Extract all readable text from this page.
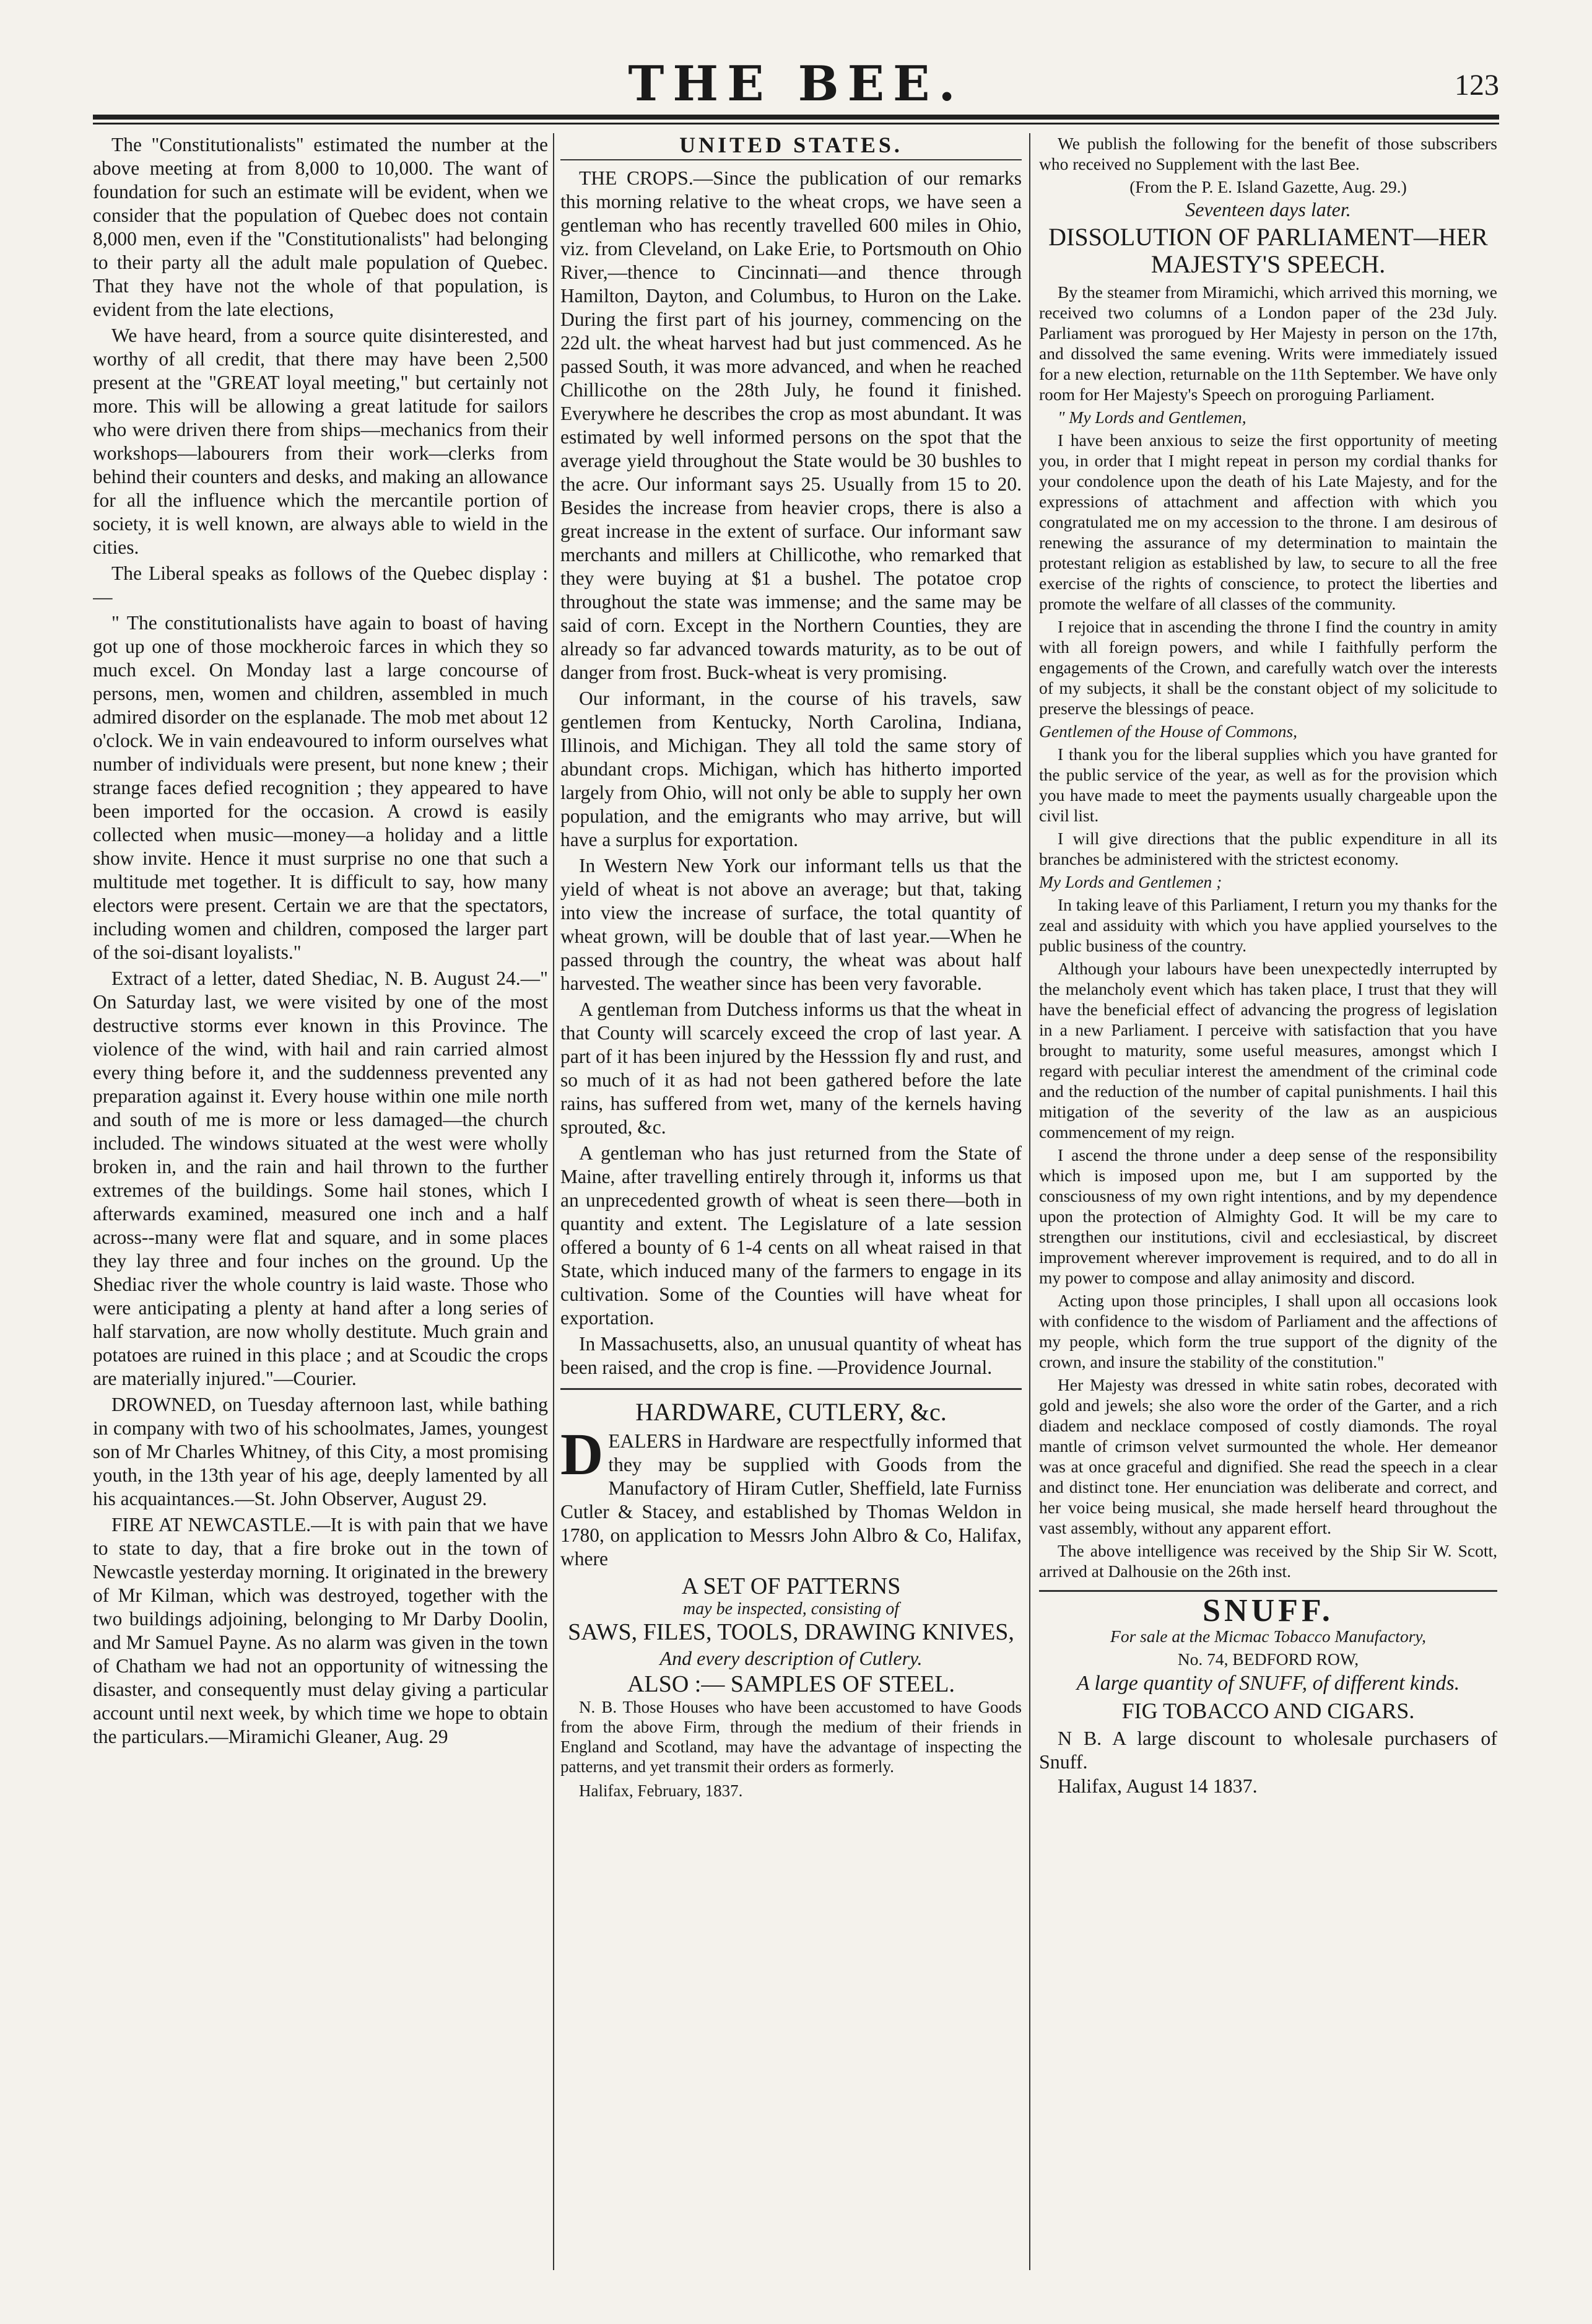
THE BEE.	123

The "Constitutionalists" estimated the number at the above meeting at from 8,000 to 10,000. The want of foundation for such an estimate will be evident, when we consider that the population of Quebec does not contain 8,000 men, even if the "Constitutionalists" had belonging to their party all the adult male population of Quebec. That they have not the whole of that population, is evident from the late elections,

We have heard, from a source quite disinterested, and worthy of all credit, that there may have been 2,500 present at the "GREAT loyal meeting," but certainly not more. This will be allowing a great latitude for sailors who were driven there from ships—mechanics from their workshops—labourers from their work—clerks from behind their counters and desks, and making an allowance for all the influence which the mercantile portion of society, it is well known, are always able to wield in the cities.

The Liberal speaks as follows of the Quebec display :—

" The constitutionalists have again to boast of having got up one of those mockheroic farces in which they so much excel. On Monday last a large concourse of persons, men, women and children, assembled in much admired disorder on the esplanade. The mob met about 12 o'clock. We in vain endeavoured to inform ourselves what number of individuals were present, but none knew ; their strange faces defied recognition ; they appeared to have been imported for the occasion. A crowd is easily collected when music—money—a holiday and a little show invite. Hence it must surprise no one that such a multitude met together. It is difficult to say, how many electors were present. Certain we are that the spectators, including women and children, composed the larger part of the soi-disant loyalists."

Extract of a letter, dated Shediac, N. B. August 24.—" On Saturday last, we were visited by one of the most destructive storms ever known in this Province. The violence of the wind, with hail and rain carried almost every thing before it, and the suddenness prevented any preparation against it. Every house within one mile north and south of me is more or less damaged—the church included. The windows situated at the west were wholly broken in, and the rain and hail thrown to the further extremes of the buildings. Some hail stones, which I afterwards examined, measured one inch and a half across--many were flat and square, and in some places they lay three and four inches on the ground. Up the Shediac river the whole country is laid waste. Those who were anticipating a plenty at hand after a long series of half starvation, are now wholly destitute. Much grain and potatoes are ruined in this place ; and at Scoudic the crops are materially injured."—Courier.

DROWNED, on Tuesday afternoon last, while bathing in company with two of his schoolmates, James, youngest son of Mr Charles Whitney, of this City, a most promising youth, in the 13th year of his age, deeply lamented by all his acquaintances.—St. John Observer, August 29.

FIRE AT NEWCASTLE.—It is with pain that we have to state to day, that a fire broke out in the town of Newcastle yesterday morning. It originated in the brewery of Mr Kilman, which was destroyed, together with the two buildings adjoining, belonging to Mr Darby Doolin, and Mr Samuel Payne. As no alarm was given in the town of Chatham we had not an opportunity of witnessing the disaster, and consequently must delay giving a particular account until next week, by which time we hope to obtain the particulars.—Miramichi Gleaner, Aug. 29

UNITED STATES.

THE CROPS.—Since the publication of our remarks this morning relative to the wheat crops, we have seen a gentleman who has recently travelled 600 miles in Ohio, viz. from Cleveland, on Lake Erie, to Portsmouth on Ohio River,—thence to Cincinnati—and thence through Hamilton, Dayton, and Columbus, to Huron on the Lake. During the first part of his journey, commencing on the 22d ult. the wheat harvest had but just commenced. As he passed South, it was more advanced, and when he reached Chillicothe on the 28th July, he found it finished. Everywhere he describes the crop as most abundant. It was estimated by well informed persons on the spot that the average yield throughout the State would be 30 bushles to the acre. Our informant says 25. Usually from 15 to 20. Besides the increase from heavier crops, there is also a great increase in the extent of surface. Our informant saw merchants and millers at Chillicothe, who remarked that they were buying at $1 a bushel. The potatoe crop throughout the state was immense; and the same may be said of corn. Except in the Northern Counties, they are already so far advanced towards maturity, as to be out of danger from frost. Buck-wheat is very promising.

Our informant, in the course of his travels, saw gentlemen from Kentucky, North Carolina, Indiana, Illinois, and Michigan. They all told the same story of abundant crops. Michigan, which has hitherto imported largely from Ohio, will not only be able to supply her own population, and the emigrants who may arrive, but will have a surplus for exportation.

In Western New York our informant tells us that the yield of wheat is not above an average; but that, taking into view the increase of surface, the total quantity of wheat grown, will be double that of last year.—When he passed through the country, the wheat was about half harvested. The weather since has been very favorable.

A gentleman from Dutchess informs us that the wheat in that County will scarcely exceed the crop of last year. A part of it has been injured by the Hesssion fly and rust, and so much of it as had not been gathered before the late rains, has suffered from wet, many of the kernels having sprouted, &c.

A gentleman who has just returned from the State of Maine, after travelling entirely through it, informs us that an unprecedented growth of wheat is seen there—both in quantity and extent. The Legislature of a late session offered a bounty of 6 1-4 cents on all wheat raised in that State, which induced many of the farmers to engage in its cultivation. Some of the Counties will have wheat for exportation.

In Massachusetts, also, an unusual quantity of wheat has been raised, and the crop is fine. —Providence Journal.

HARDWARE, CUTLERY, &c.

D EALERS in Hardware are respectfully informed that they may be supplied with Goods from the Manufactory of Hiram Cutler, Sheffield, late Furniss Cutler & Stacey, and established by Thomas Weldon in 1780, on application to Messrs John Albro & Co, Halifax, where

A SET OF PATTERNS
may be inspected, consisting of
SAWS, FILES, TOOLS, DRAWING KNIVES,
And every description of Cutlery.
ALSO :— SAMPLES OF STEEL.

N. B. Those Houses who have been accustomed to have Goods from the above Firm, through the medium of their friends in England and Scotland, may have the advantage of inspecting the patterns, and yet transmit their orders as formerly.

Halifax, February, 1837.

We publish the following for the benefit of those subscribers who received no Supplement with the last Bee.

(From the P. E. Island Gazette, Aug. 29.)

Seventeen days later.

DISSOLUTION OF PARLIAMENT—HER MAJESTY'S SPEECH.

By the steamer from Miramichi, which arrived this morning, we received two columns of a London paper of the 23d July. Parliament was prorogued by Her Majesty in person on the 17th, and dissolved the same evening. Writs were immediately issued for a new election, returnable on the 11th September. We have only room for Her Majesty's Speech on proroguing Parliament.

" My Lords and Gentlemen,

I have been anxious to seize the first opportunity of meeting you, in order that I might repeat in person my cordial thanks for your condolence upon the death of his Late Majesty, and for the expressions of attachment and affection with which you congratulated me on my accession to the throne. I am desirous of renewing the assurance of my determination to maintain the protestant religion as established by law, to secure to all the free exercise of the rights of conscience, to protect the liberties and promote the welfare of all classes of the community.

I rejoice that in ascending the throne I find the country in amity with all foreign powers, and while I faithfully perform the engagements of the Crown, and carefully watch over the interests of my subjects, it shall be the constant object of my solicitude to preserve the blessings of peace.

Gentlemen of the House of Commons,

I thank you for the liberal supplies which you have granted for the public service of the year, as well as for the provision which you have made to meet the payments usually chargeable upon the civil list.

I will give directions that the public expenditure in all its branches be administered with the strictest economy.

My Lords and Gentlemen ;

In taking leave of this Parliament, I return you my thanks for the zeal and assiduity with which you have applied yourselves to the public business of the country.

Although your labours have been unexpectedly interrupted by the melancholy event which has taken place, I trust that they will have the beneficial effect of advancing the progress of legislation in a new Parliament. I perceive with satisfaction that you have brought to maturity, some useful measures, amongst which I regard with peculiar interest the amendment of the criminal code and the reduction of the number of capital punishments. I hail this mitigation of the severity of the law as an auspicious commencement of my reign.

I ascend the throne under a deep sense of the responsibility which is imposed upon me, but I am supported by the consciousness of my own right intentions, and by my dependence upon the protection of Almighty God. It will be my care to strengthen our institutions, civil and ecclesiastical, by discreet improvement wherever improvement is required, and to do all in my power to compose and allay animosity and discord.

Acting upon those principles, I shall upon all occasions look with confidence to the wisdom of Parliament and the affections of my people, which form the true support of the dignity of the crown, and insure the stability of the constitution."

Her Majesty was dressed in white satin robes, decorated with gold and jewels; she also wore the order of the Garter, and a rich diadem and necklace composed of costly diamonds. The royal mantle of crimson velvet surmounted the whole. Her demeanor was at once graceful and dignified. She read the speech in a clear and distinct tone. Her enunciation was deliberate and correct, and her voice being musical, she made herself heard throughout the vast assembly, without any apparent effort.

The above intelligence was received by the Ship Sir W. Scott, arrived at Dalhousie on the 26th inst.

SNUFF.

For sale at the Micmac Tobacco Manufactory,

No. 74, BEDFORD ROW,

A large quantity of SNUFF, of different kinds.

FIG TOBACCO AND CIGARS.

N B. A large discount to wholesale purchasers of Snuff.

Halifax, August 14 1837.
